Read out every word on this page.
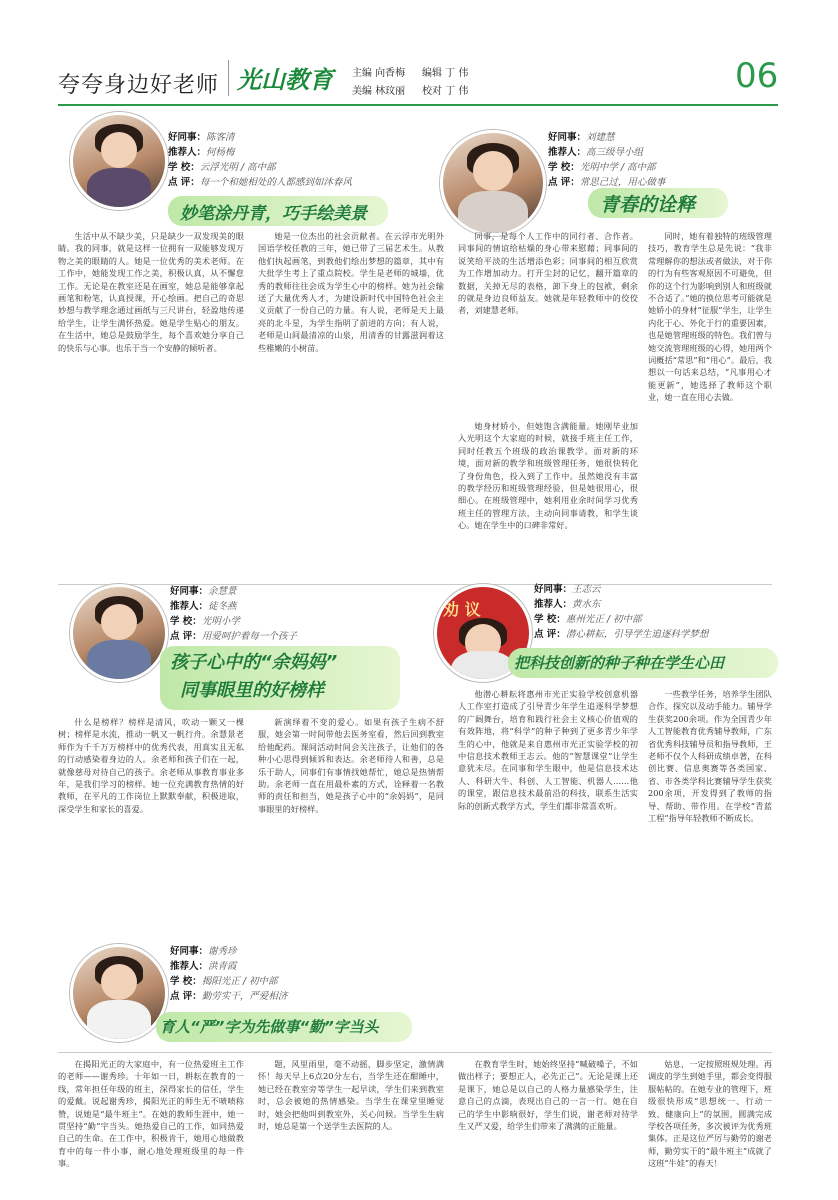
夸夸身边好老师 光山教育	主编 向香梅
美编 林玟丽
编辑 丁 伟
校对 丁 伟	06
好同事：陈客清
推荐人：何杨梅
学 校：云浮光明 / 高中部
点 评：每一个和她相处的人都感到如沐春风
妙笔涂丹青，巧手绘美景
生活中从不缺少美，只是缺少一双发现美的眼睛。我的同事，就是这样一位拥有一双能够发现万物之美的眼睛的人。她是一位优秀的美术老师。在工作中，她能发现工作之美，积极认真，从不懈怠工作。无论是在教室还是在画室，她总是能够拿起画笔和粉笔，认真授课，开心绘画。把自己的奇思妙想与教学理念通过画纸与三尺讲台，轻盈地传递给学生，让学生满怀热爱。她是学生贴心的朋友。在生活中，她总是鼓励学生，每个喜欢她分享自己的快乐与心事。也乐于当一个安静的倾听者。
她是一位杰出的社会贡献者。在云浮市光明外国语学校任教的三年，她已带了三届艺术生。从教他们执起画笔，到教他们绘出梦想的篇章，其中有大批学生考上了重点院校。学生是老师的城墙，优秀的教师往往会成为学生心中的榜样。她为社会输送了大量优秀人才，为建设新时代中国特色社会主义贡献了一份自己的力量。有人说，老师是天上最亮的北斗星，为学生指明了前进的方向；有人说，老师是山间最清凉的山泉，用清香的甘露滋润着这些稚嫩的小树苗。
好同事：刘建慧
推荐人：高三级导小组
学 校：光明中学 / 高中部
点 评：常思己过，用心做事
青春的诠释
同事，是每个人工作中的同行者、合作者。同事间的情谊给枯燥的身心带来慰藉；同事间的说笑给平淡的生活增添色彩；同事间的相互欣赏为工作增加动力。打开尘封的记忆，翻开篇章的数据，关掉无尽的表格，卸下身上的包袱，剩余的就是身边良师益友。她就是年轻教师中的佼佼者，刘建慧老师。
同时，她有着独特的班级管理技巧，教育学生总是先说：“我非常理解你的想法或者做法，对于你的行为有些客观原因不可避免，但你的这个行为影响到别人和班级就不合适了。”她的换位思考可能就是她娇小的身材“征服”学生，让学生内化于心、外化于行的重要因素，也是她管理班级的特色。我们曾与她交流管理班级的心得，她用两个词概括“常思”和“用心”。最后，我想以一句话来总结，“凡事用心才能更新”，她选择了教师这个职业，她一直在用心去做。
她身材娇小，但她饱含满能量。她刚毕业加入光明这个大家庭的时候，就接手班主任工作，同时任教五个班级的政治课教学。面对新的环境，面对新的教学和班级管理任务，她很快转化了身份角色，投入到了工作中。虽然她没有丰富的教学经历和班级管理经验，但是她很用心，很细心。在班级管理中，她利用业余时间学习优秀班主任的管理方法，主动向同事请教，和学生谈心。她在学生中的口碑非常好。
好同事：余慧景
推荐人：徒冬燕
学 校：光明小学
点 评：用爱呵护着每一个孩子
孩子心中的“余妈妈”
同事眼里的好榜样
什么是榜样？榜样是清风，吹动一颗又一棵树；榜样是水流，推动一帆又一帆行舟。余慧景老师作为千千万万榜样中的优秀代表，用真实且无私的行动感染着身边的人。余老师和孩子们在一起，就像慈母对待自己的孩子。余老师从事教育事业多年，是我们学习的榜样。她一位充满教育热情的好教师，在平凡的工作岗位上默默奉献，积极进取，深受学生和家长的喜爱。
新演绎着不变的爱心。如果有孩子生病不舒服，她会第一时间带他去医务室看，然后回到教室给他配药。课间活动时间会关注孩子，让他们的各种小心思得到倾诉和表达。余老师待人和善，总是乐于助人，同事们有事情找她帮忙，她总是热情帮助。余老师一直在用最朴素的方式，诠释着一名教师的责任和担当，她是孩子心中的“余妈妈”，是同事眼里的好榜样。
劝 议
好同事：王志云
推荐人：黄水东
学 校：惠州光正 / 初中部
点 评：潜心耕耘，引导学生追逐科学梦想
把科技创新的种子种在学生心田
他潜心耕耘将惠州市光正实验学校创意机器人工作室打造成了引导青少年学生追逐科学梦想的广阔舞台，培育和践行社会主义核心价值观的有效阵地，将“科学”的种子种到了更多青少年学生的心中，他就是来自惠州市光正实验学校的初中信息技术教师王志云。他的“智慧课堂”让学生意犹未尽。在同事和学生眼中，他是信息技术达人、科研大牛、科创、人工智能、机器人……他的课堂，跟信息技术最前沿的科技，联系生活实际的创新式教学方式，学生们都非常喜欢听。
一些教学任务，培养学生团队合作、探究以及动手能力。辅导学生获奖200余项。作为全国青少年人工智能教育优秀辅导教师，广东省优秀科技辅导员和指导教师，王老师不仅个人科研成绩卓著，在科创比赛、信息奥赛等各类国家、省、市各类学科比赛辅导学生获奖200余项，开发得到了教师的指导、帮助、带作用。在学校“青蓝工程”指导年轻教师不断成长。
好同事：谢秀珍
推荐人：洪青霞
学 校：揭阳光正 / 初中部
点 评：勤劳实干，严爱相济
育人“严”字为先做事“勤”字当头
在揭阳光正的大家庭中，有一位热爱班主工作的老师——谢秀珍。十年如一日，耕耘在教育的一线，常年担任年级的班主，深得家长的信任，学生的爱戴。说起谢秀珍，揭阳光正的师生无不啧啧称赞，说她是“最牛班主”。在她的教师生涯中，她一贯坚持“勤”字当头。她热爱自己的工作，如同热爱自己的生命。在工作中，积极肯干，她用心地做教育中的每一件小事，耐心地处理班级里的每一件事。
题，风里雨里，毫不动摇，脚步坚定，激情满怀！每天早上6点20分左右，当学生还在酣睡中，她已经在教室旁等学生一起早读，学生们来到教室时，总会被她的热情感染。当学生在课堂里睡觉时，她会把他叫到教室外，关心问候。当学生生病时，她总是第一个送学生去医院的人。
在教育学生时，她始终坚持“喊破嗓子，不如做出样子；要想正人，必先正己”。无论是课上还是课下，她总是以自己的人格力量感染学生，注意自己的点滴，表现出自己的一言一行。她在自己的学生中影响很好，学生们说，谢老师对待学生又严又爱，给学生们带来了满满的正能量。
姑息，一定按照班规处理。再调皮的学生到她手里，都会变得服服帖帖的。在她专业的管理下，班级很快形成“思想统一、行动一致、健康向上”的氛围，圆满完成学校各项任务，多次被评为优秀班集体。正是这位严厉与勤劳的谢老师，勤劳实干的“最牛班主”成就了这班“牛娃”的春天！
